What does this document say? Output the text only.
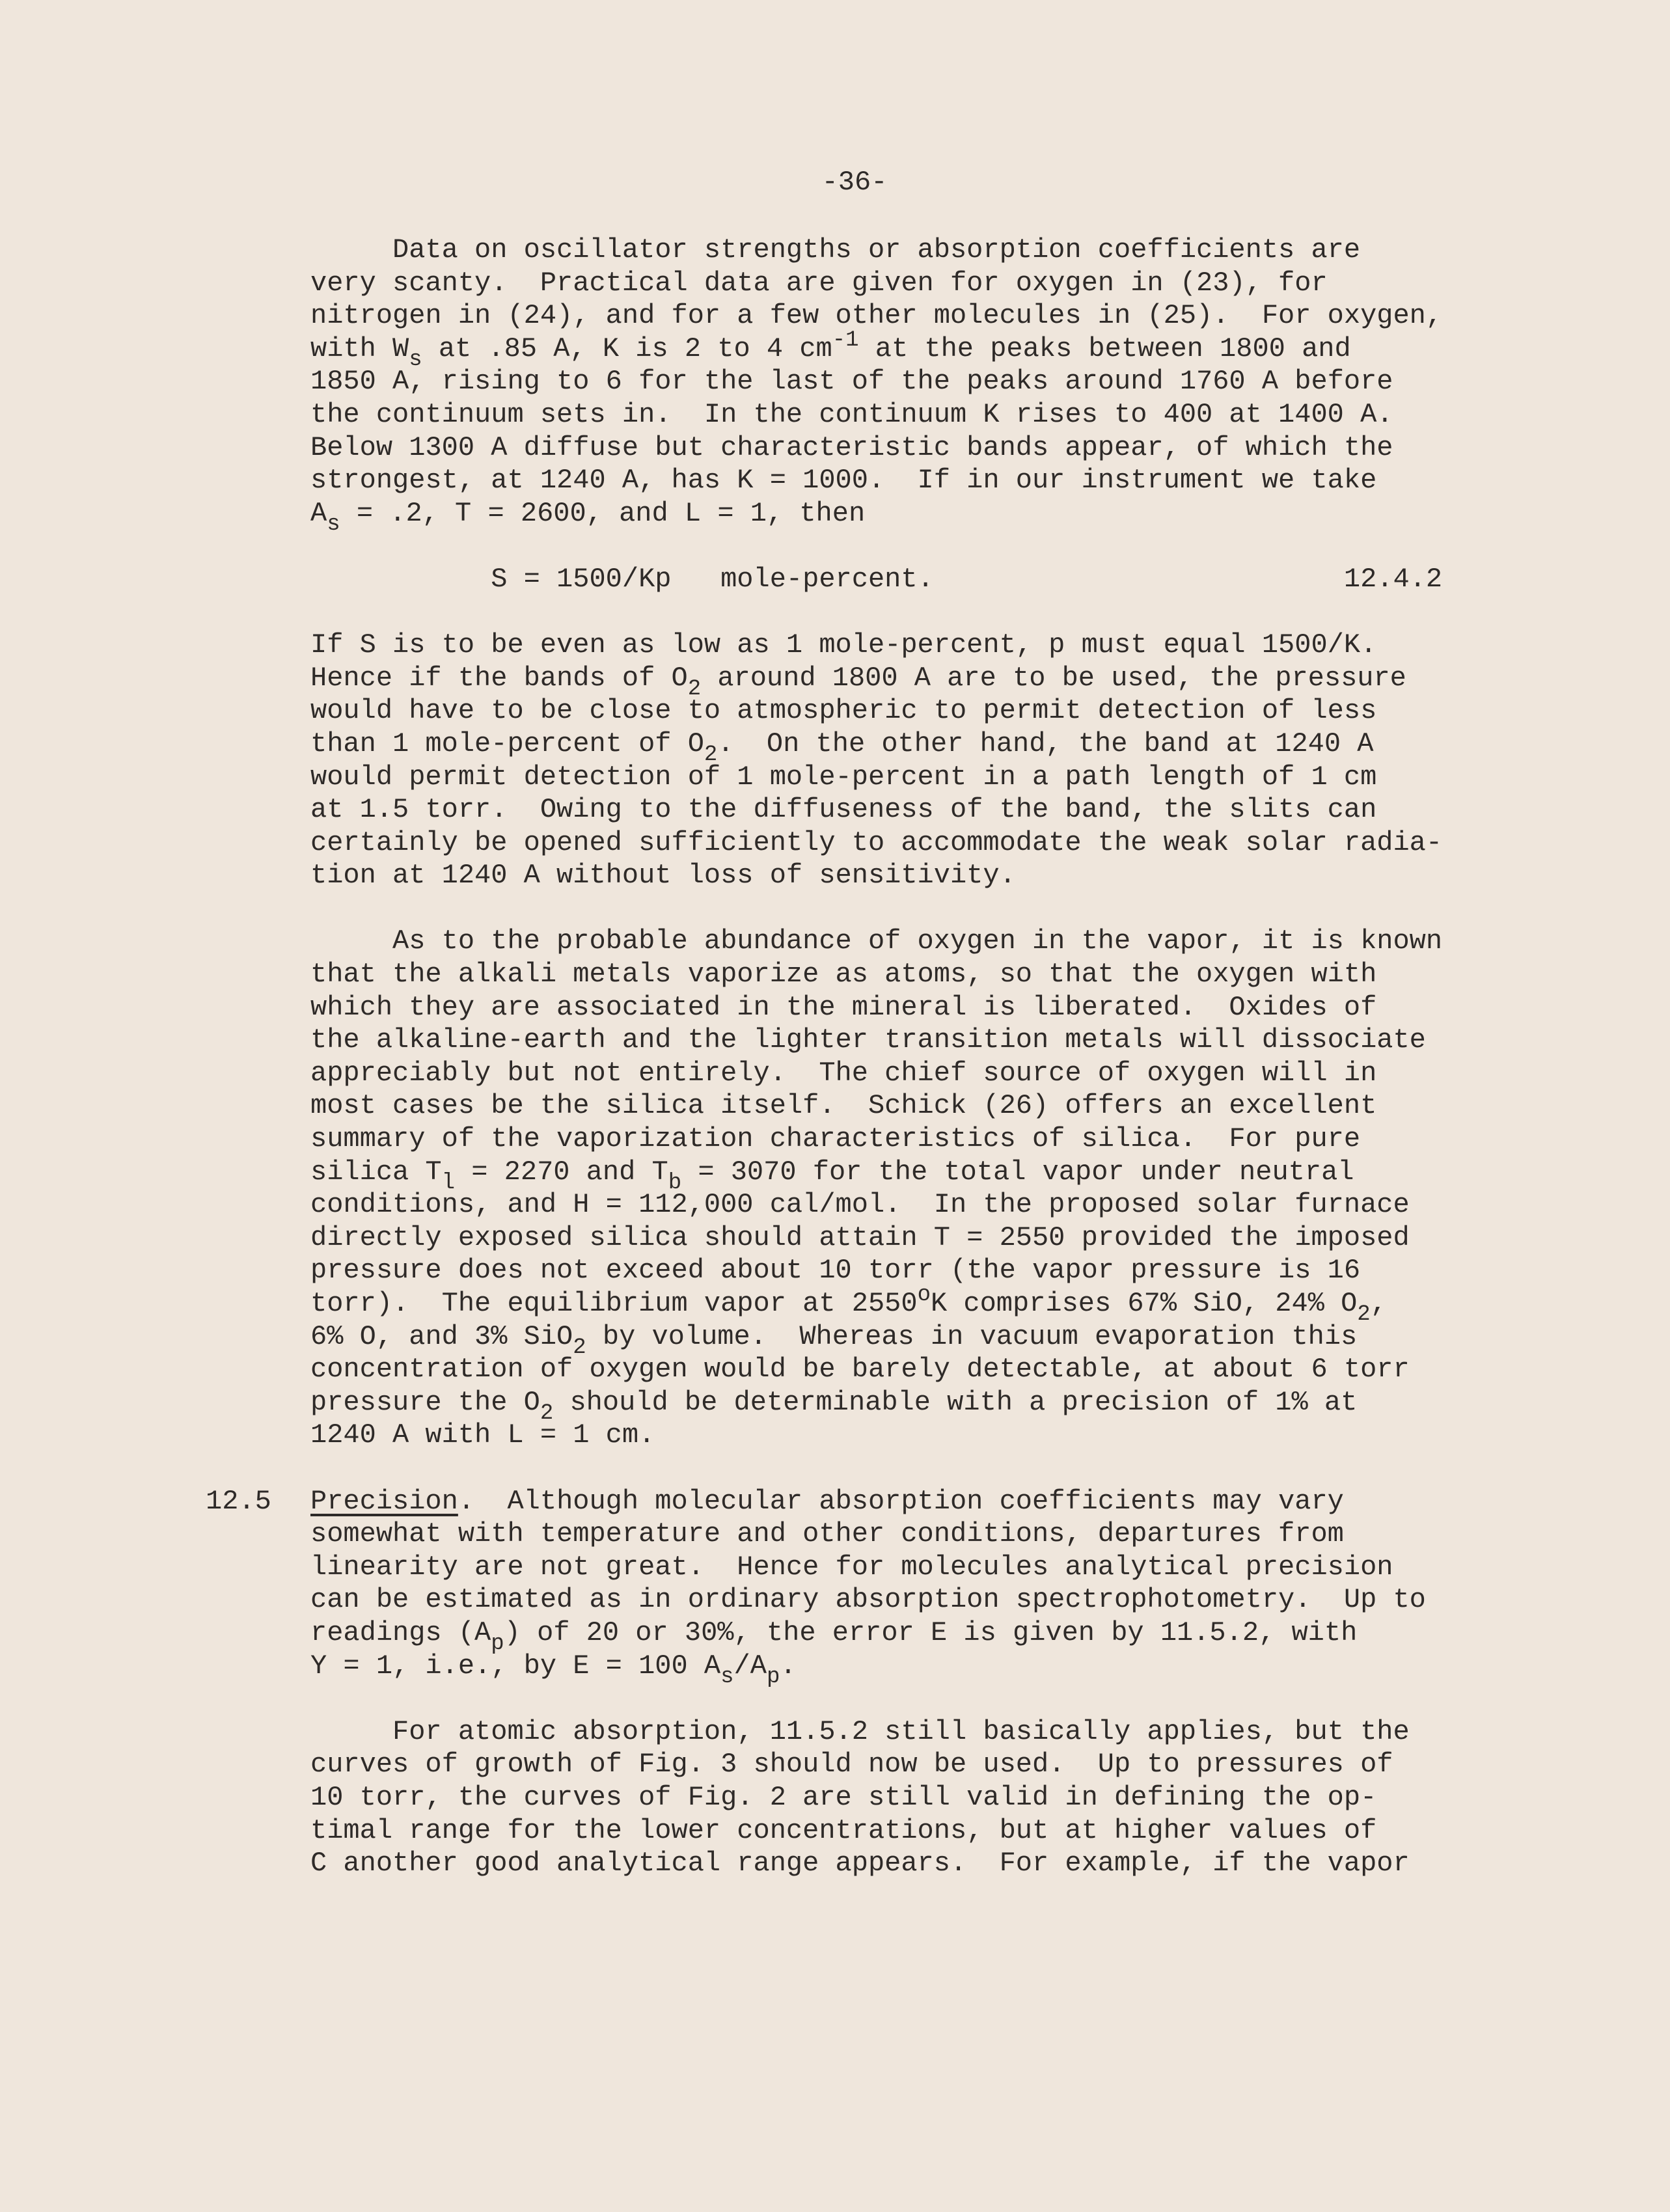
-36-
12.5
Data on oscillator strengths or absorption coefficients are
very scanty.  Practical data are given for oxygen in (23), for
nitrogen in (24), and for a few other molecules in (25).  For oxygen,
with $W_s$ at .85 A, K is 2 to 4 $cm^{-1}$ at the peaks between 1800 and
1850 A, rising to 6 for the last of the peaks around 1760 A before
the continuum sets in.  In the continuum K rises to 400 at 1400 A.
Below 1300 A diffuse but characteristic bands appear, of which the
strongest, at 1240 A, has K = 1000.  If in our instrument we take
$A_s = .2$, T = 2600, and L = 1, then
S = 1500/Kp   mole-percent.                         12.4.2
If S is to be even as low as 1 mole-percent, p must equal 1500/K.
Hence if the bands of $O_2$ around 1800 A are to be used, the pressure
would have to be close to atmospheric to permit detection of less
than 1 mole-percent of $O_2$.  On the other hand, the band at 1240 A
would permit detection of 1 mole-percent in a path length of 1 cm
at 1.5 torr.  Owing to the diffuseness of the band, the slits can
certainly be opened sufficiently to accommodate the weak solar radia-
tion at 1240 A without loss of sensitivity.
As to the probable abundance of oxygen in the vapor, it is known
that the alkali metals vaporize as atoms, so that the oxygen with
which they are associated in the mineral is liberated.  Oxides of
the alkaline-earth and the lighter transition metals will dissociate
appreciably but not entirely.  The chief source of oxygen will in
most cases be the silica itself.  Schick (26) offers an excellent
summary of the vaporization characteristics of silica.  For pure
silica $T_l = 2270$ and $T_b = 3070$ for the total vapor under neutral
conditions, and H = 112,000 cal/mol.  In the proposed solar furnace
directly exposed silica should attain T = 2550 provided the imposed
pressure does not exceed about 10 torr (the vapor pressure is 16
torr).  The equilibrium vapor at 2550$^o$K comprises 67% SiO, 24% $O_2$,
6% O, and 3% SiO$_2$ by volume.  Whereas in vacuum evaporation this
concentration of oxygen would be barely detectable, at about 6 torr
pressure the $O_2$ should be determinable with a precision of 1% at
1240 A with L = 1 cm.
Precision.  Although molecular absorption coefficients may vary
somewhat with temperature and other conditions, departures from
linearity are not great.  Hence for molecules analytical precision
can be estimated as in ordinary absorption spectrophotometry.  Up to
readings $(A_p)$ of 20 or 30%, the error E is given by 11.5.2, with
Y = 1, i.e., by E = 100 $A_s/A_p$.
For atomic absorption, 11.5.2 still basically applies, but the
curves of growth of Fig. 3 should now be used.  Up to pressures of
10 torr, the curves of Fig. 2 are still valid in defining the op-
timal range for the lower concentrations, but at higher values of
C another good analytical range appears.  For example, if the vapor
